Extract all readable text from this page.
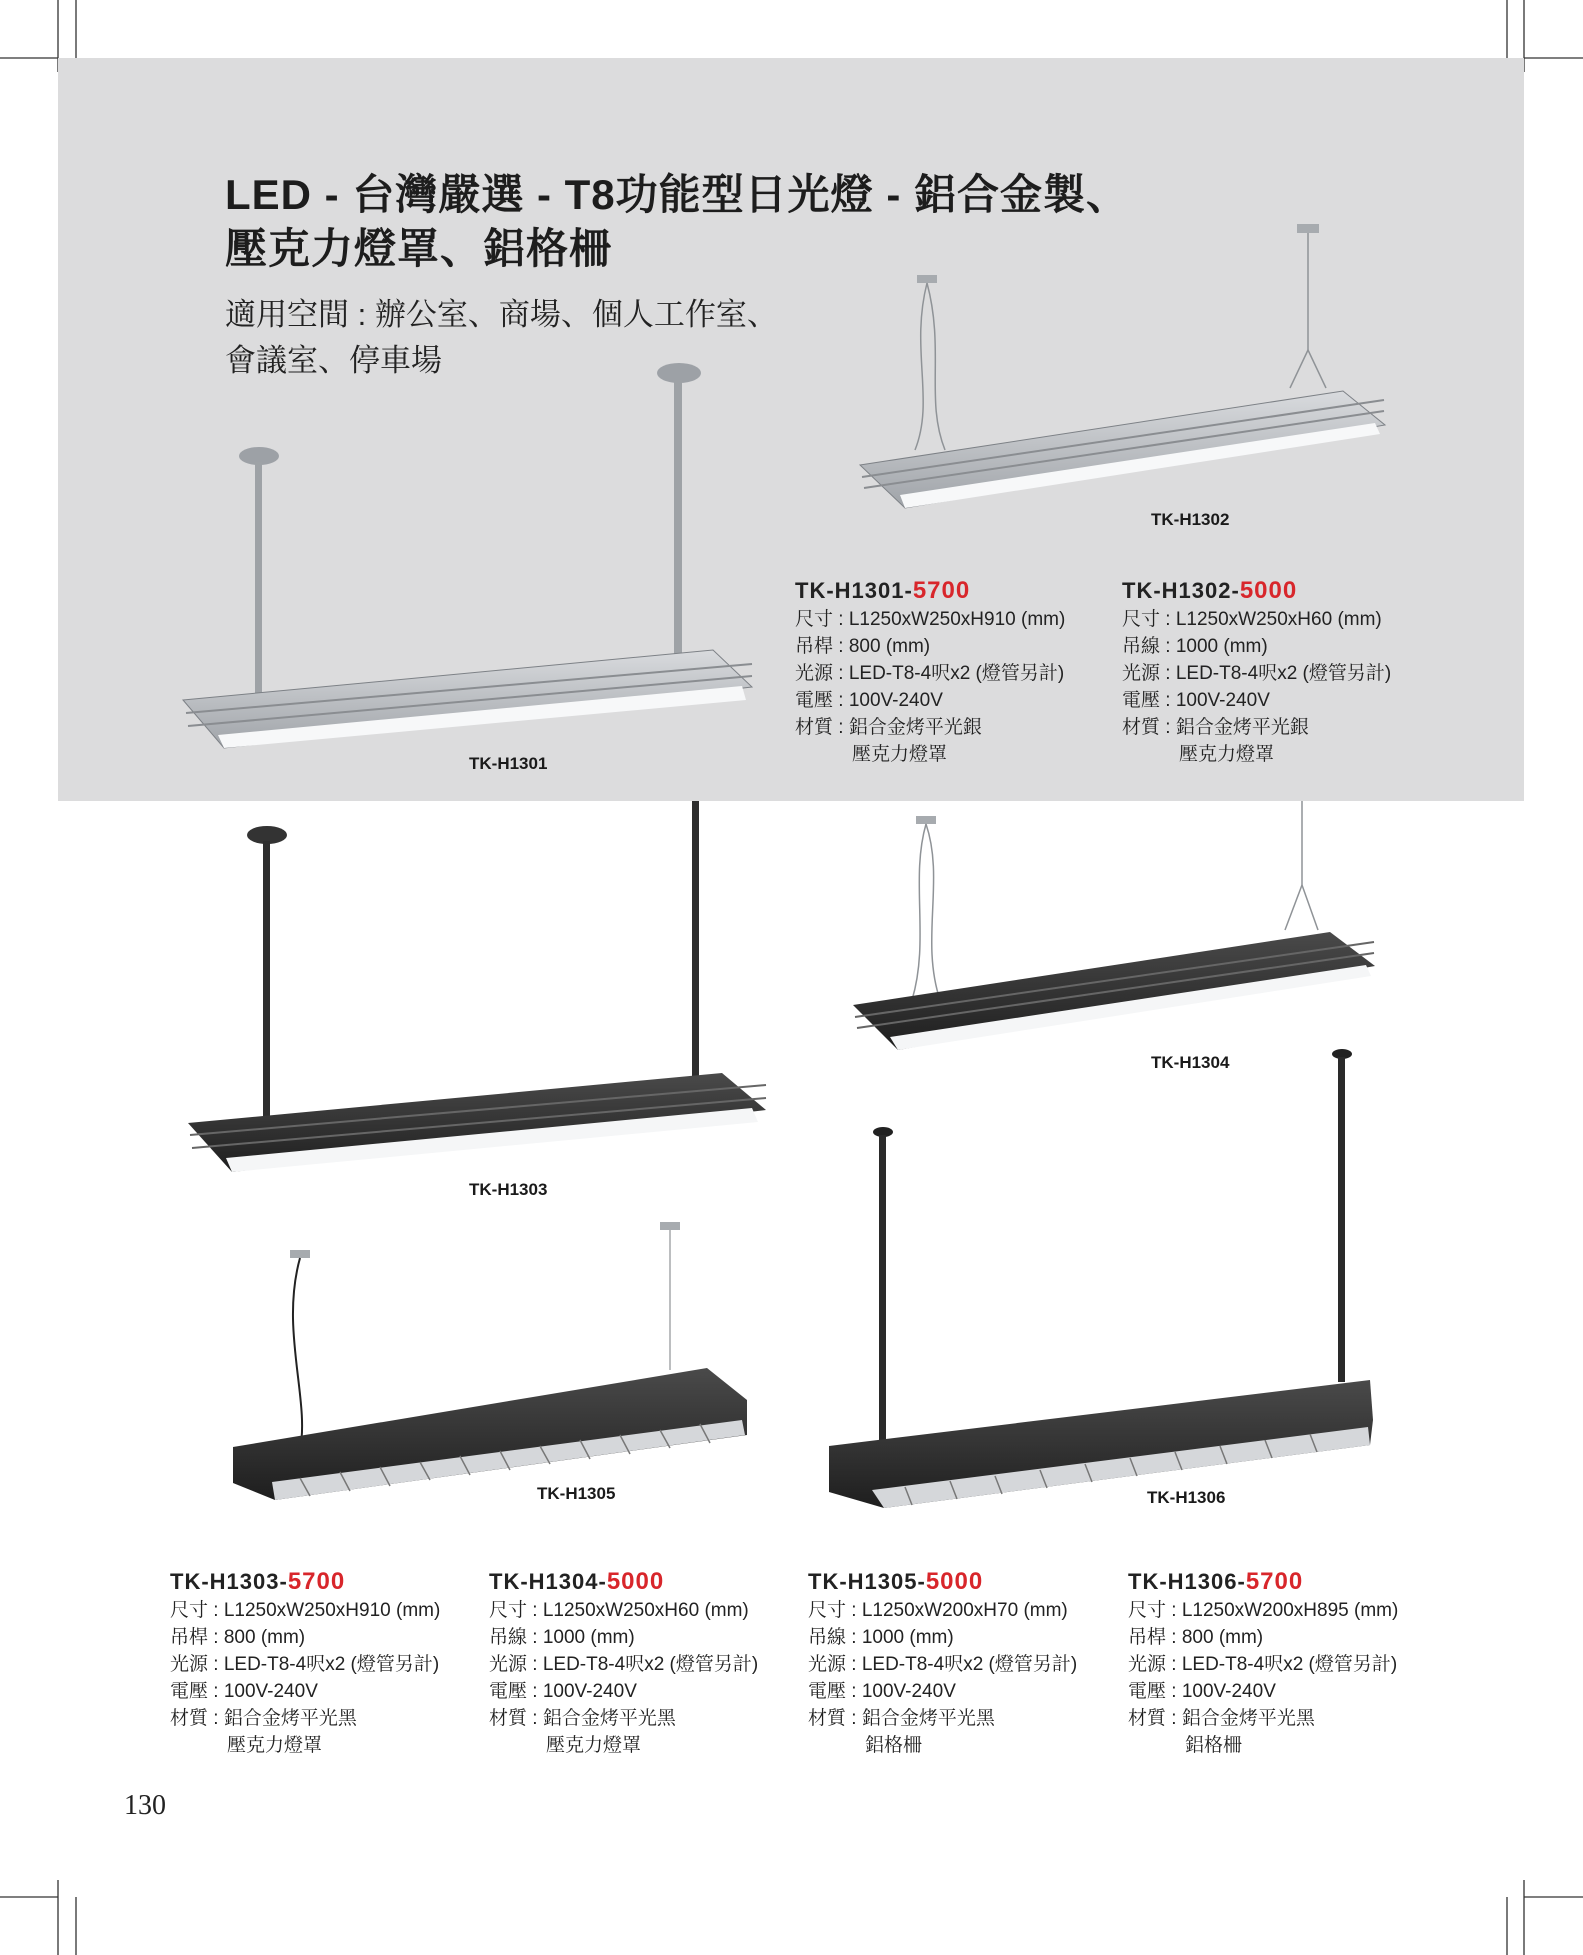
LED - 台灣嚴選 - T8功能型日光燈 - 鋁合金製、
壓克力燈罩、鋁格柵

適用空間 : 辦公室、商場、個人工作室、
會議室、停車場

TK-H1301
TK-H1302
TK-H1303
TK-H1304
TK-H1305	TK-H1306
TK-H1301-5700
尺寸 : L1250xW250xH910 (mm)
吊桿 : 800 (mm)
光源 : LED-T8-4呎x2 (燈管另計)
電壓 : 100V-240V
材質 : 鋁合金烤平光銀
壓克力燈罩
TK-H1302-5000
尺寸 : L1250xW250xH60 (mm)
吊線 : 1000 (mm)
光源 : LED-T8-4呎x2 (燈管另計)
電壓 : 100V-240V
材質 : 鋁合金烤平光銀
壓克力燈罩
TK-H1303-5700
尺寸 : L1250xW250xH910 (mm)
吊桿 : 800 (mm)
光源 : LED-T8-4呎x2 (燈管另計)
電壓 : 100V-240V
材質 : 鋁合金烤平光黑
壓克力燈罩
TK-H1304-5000
尺寸 : L1250xW250xH60 (mm)
吊線 : 1000 (mm)
光源 : LED-T8-4呎x2 (燈管另計)
電壓 : 100V-240V
材質 : 鋁合金烤平光黑
壓克力燈罩
TK-H1305-5000
尺寸 : L1250xW200xH70 (mm)
吊線 : 1000 (mm)
光源 : LED-T8-4呎x2 (燈管另計)
電壓 : 100V-240V
材質 : 鋁合金烤平光黑
鋁格柵
TK-H1306-5700
尺寸 : L1250xW200xH895 (mm)
吊桿 : 800 (mm)
光源 : LED-T8-4呎x2 (燈管另計)
電壓 : 100V-240V
材質 : 鋁合金烤平光黑
鋁格柵
130
